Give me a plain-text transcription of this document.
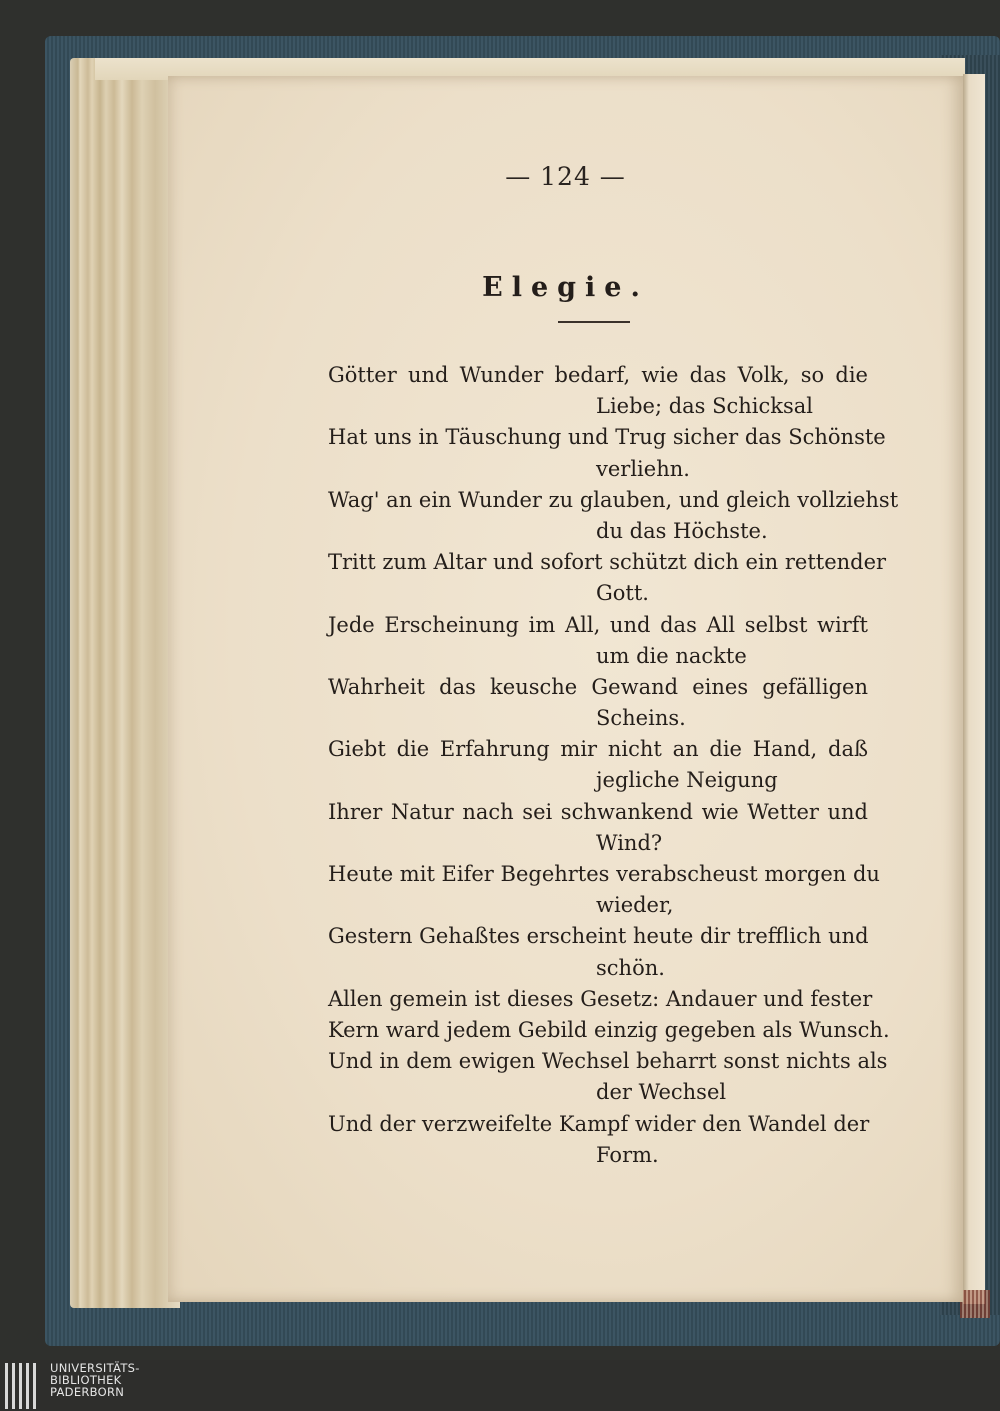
— 124 —
Elegie.
Götter und Wunder bedarf, wie das Volk, so die
Liebe; das Schicksal
Hat uns in Täuschung und Trug sicher das Schönste
verliehn.
Wag' an ein Wunder zu glauben, und gleich vollziehst
du das Höchste.
Tritt zum Altar und sofort schützt dich ein rettender
Gott.
Jede Erscheinung im All, und das All selbst wirft
um die nackte
Wahrheit das keusche Gewand eines gefälligen
Scheins.
Giebt die Erfahrung mir nicht an die Hand, daß
jegliche Neigung
Ihrer Natur nach sei schwankend wie Wetter und
Wind?
Heute mit Eifer Begehrtes verabscheust morgen du
wieder,
Gestern Gehaßtes erscheint heute dir trefflich und
schön.
Allen gemein ist dieses Gesetz: Andauer und fester
Kern ward jedem Gebild einzig gegeben als Wunsch.
Und in dem ewigen Wechsel beharrt sonst nichts als
der Wechsel
Und der verzweifelte Kampf wider den Wandel der
Form.
UNIVERSITÄTS-
BIBLIOTHEK
PADERBORN
